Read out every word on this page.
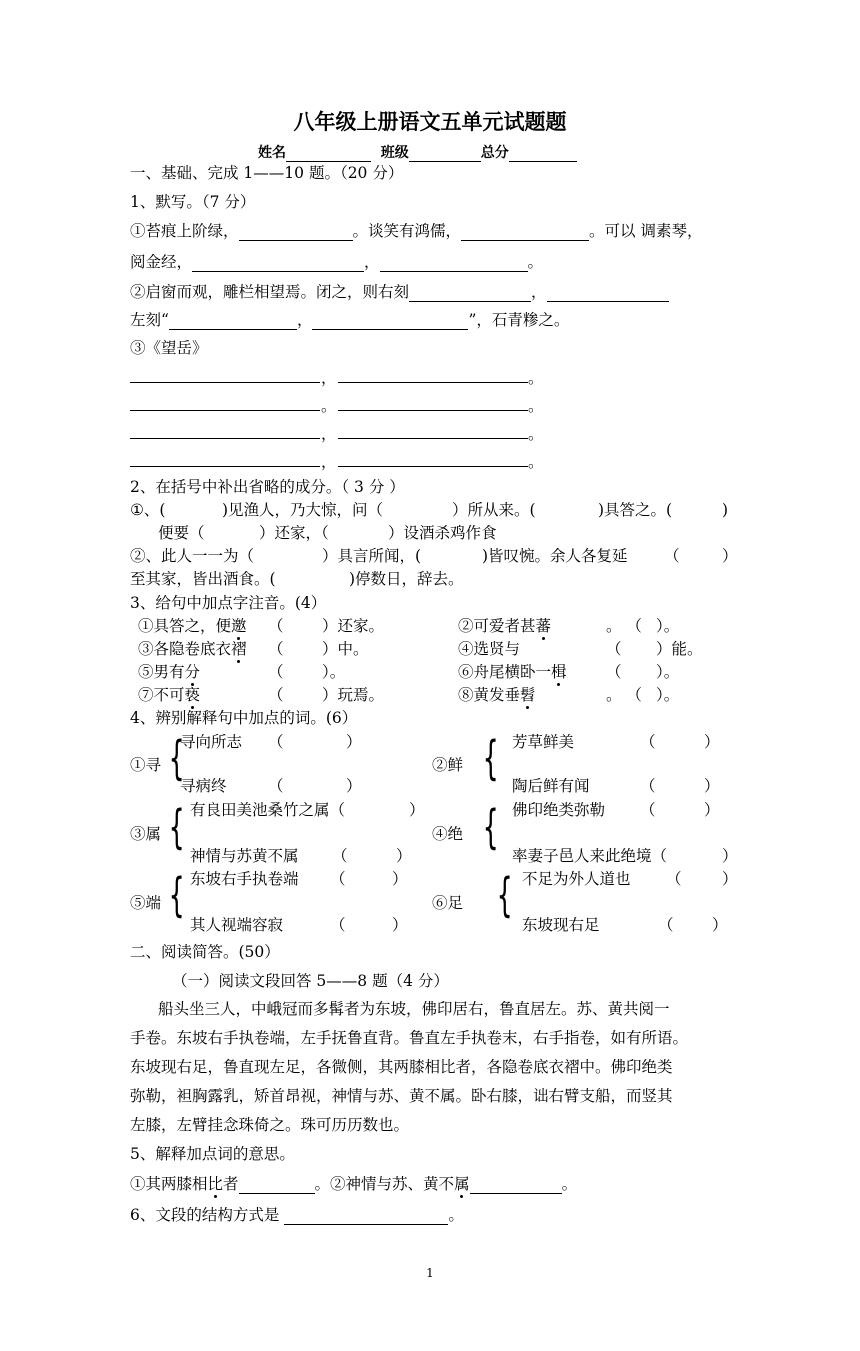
八年级上册语文五单元试题题
姓名	班级	总分
一、基础、完成 1——10 题。（20 分）
1、默写。（7 分）
①苔痕上阶绿，	。谈笑有鸿儒，	。可以 调素琴，
阅金经，	，	。
②启窗而观，雕栏相望焉。闭之，则右刻	，
左刻“	，	”，石青糁之。
③《望岳》
，	。
。	。
，	。
，	。
2、在括号中补出省略的成分。（ 3 分 ）
①、(	)见渔人，乃大惊，问（	）所从来。(	)具答之。(	)
便要（	）还家，（	）设酒杀鸡作食
②、此人一一为（	）具言所闻，(	)皆叹惋。余人各复延 （	）
至其家，皆出酒食。(	)停数日，辞去。
3、给句中加点字注音。(4）
①具答之，便邀 （ ）还家。	②可爱者甚蕃	。 （ ）。
③各隐卷底衣褶 （ ）中。	④选贤与	（ ）能。
⑤男有分	（ ）。	⑥舟尾横卧一楫	（ ）。
⑦不可亵	（ ）玩焉。	⑧黄发垂髫	。 （ ）。
4、辨别解释句中加点的词。(6）
①寻 {
寻向所志 （	）
寻病终	（	）
②鲜 { 芳草鲜美	（	）
陶后鲜有闻	（	）
③属 { 有良田美池桑竹之属（	）
神情与苏黄不属 （	）
④绝 { 佛印绝类弥勒 （	）
率妻子邑人来此绝境（	）
⑤端 { 东坡右手执卷端 （	）
其人视端容寂	（	）
⑥足 { 不足为外人道也 （	）
东坡现右足	（ ）
二、阅读简答。(50）
（一）阅读文段回答 5——8 题（4 分）
船头坐三人，中峨冠而多髯者为东坡，佛印居右，鲁直居左。苏、黄共阅一
手卷。东坡右手执卷端，左手抚鲁直背。鲁直左手执卷末，右手指卷，如有所语。
东坡现右足，鲁直现左足，各微侧，其两膝相比者，各隐卷底衣褶中。佛印绝类
弥勒，袒胸露乳，矫首昂视，神情与苏、黄不属。卧右膝，诎右臂支船，而竖其
左膝，左臂挂念珠倚之。珠可历历数也。
5、解释加点词的意思。
①其两膝相比者	。②神情与苏、黄不属	。
6、文段的结构方式是	。
1
